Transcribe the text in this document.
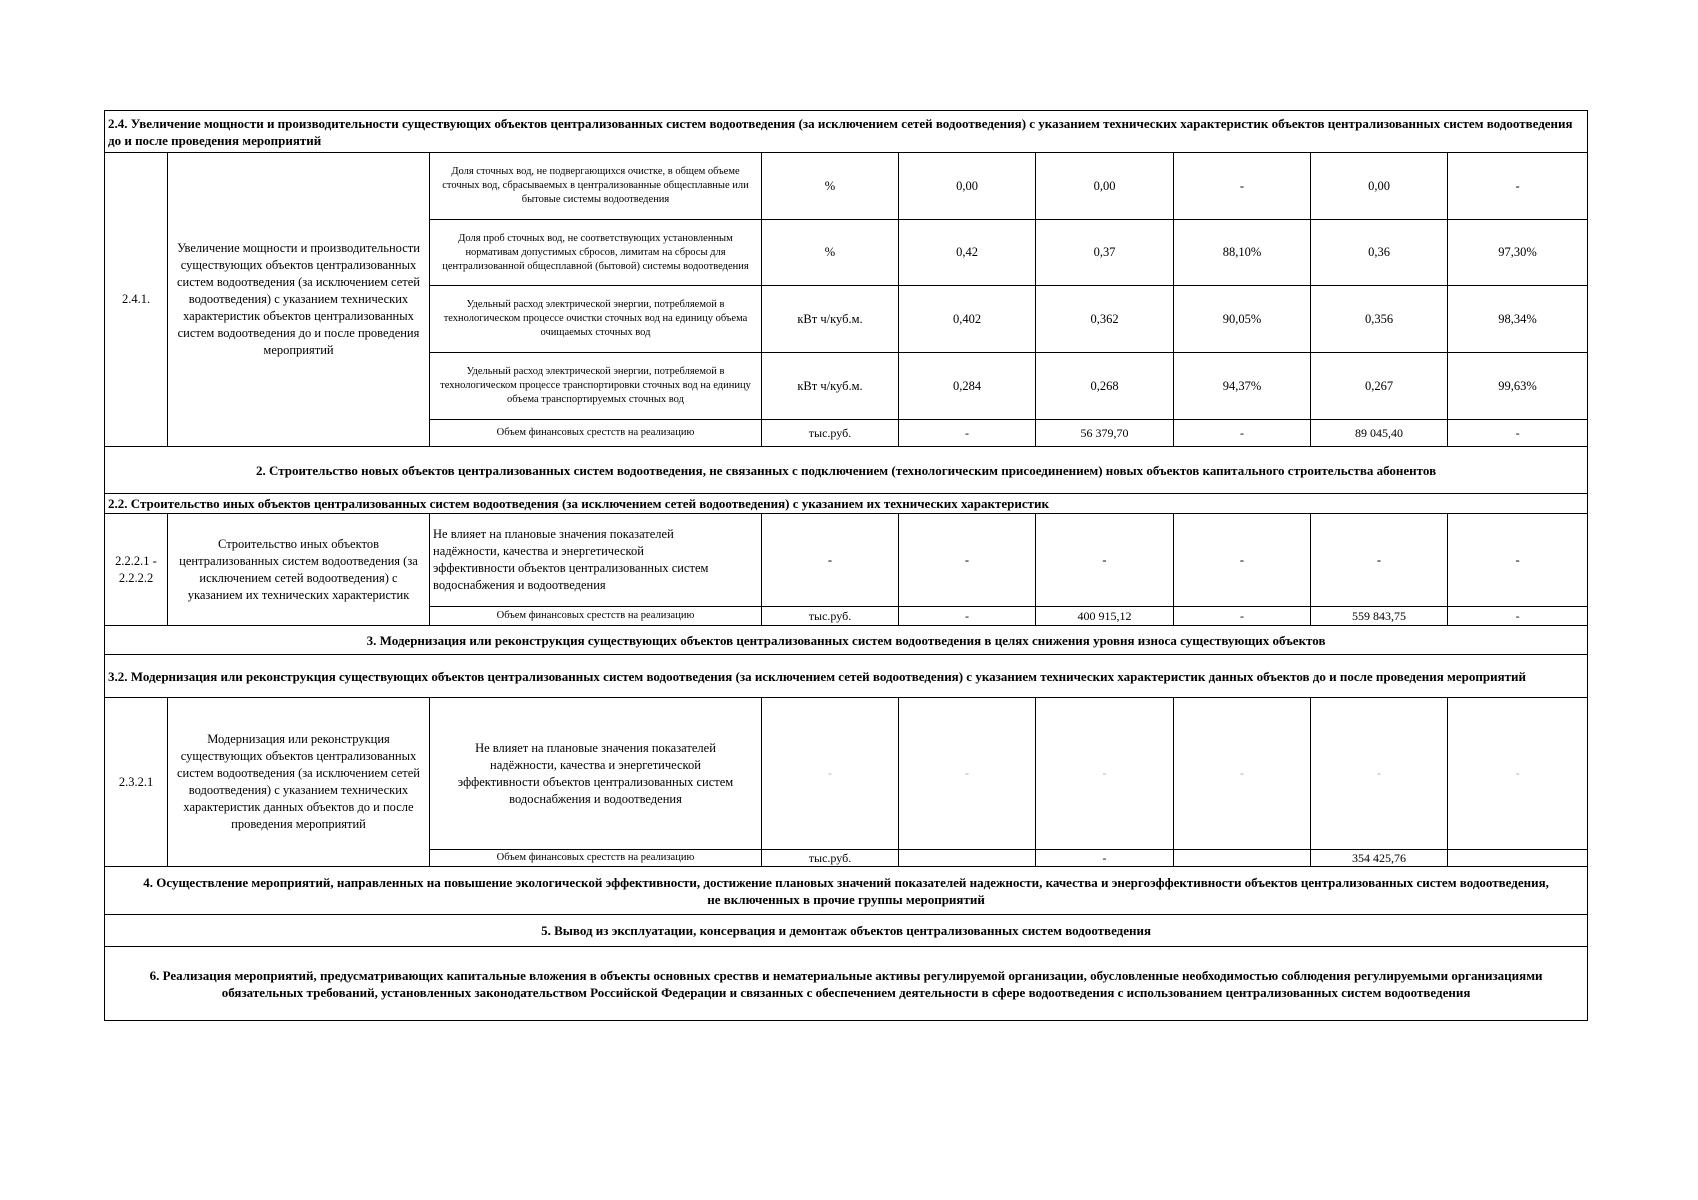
2.4. Увеличение мощности и производительности существующих объектов централизованных систем водоотведения (за исключением сетей водоотведения) с указанием технических характеристик объектов централизованных систем водоотведения до и после проведения мероприятий								
2.4.1.	Увеличение мощности и производительности существующих объектов централизованных систем водоотведения (за исключением сетей водоотведения) с указанием технических характеристик объектов централизованных систем водоотведения до и после проведения мероприятий	Доля сточных вод, не подвергающихся очистке, в общем объеме сточных вод, сбрасываемых в централизованные общесплавные или бытовые системы водоотведения	%	0,00	0,00	-	0,00	-
		Доля проб сточных вод, не соответствующих установленным нормативам допустимых сбросов, лимитам на сбросы для централизованной общесплавной (бытовой) системы водоотведения	%	0,42	0,37	88,10%	0,36	97,30%
		Удельный расход электрической энергии, потребляемой в технологическом процессе очистки сточных вод на единицу объема очищаемых сточных вод	кВт ч/куб.м.	0,402	0,362	90,05%	0,356	98,34%
		Удельный расход электрической энергии, потребляемой в технологическом процессе транспортировки сточных вод на единицу объема транспортируемых сточных вод	кВт ч/куб.м.	0,284	0,268	94,37%	0,267	99,63%
		Объем финансовых срестств на реализацию	тыс.руб.	-	56 379,70	-	89 045,40	-
2. Строительство новых объектов централизованных систем водоотведения, не связанных с подключением (технологическим присоединением) новых объектов капитального строительства абонентов								
2.2. Строительство иных объектов централизованных систем водоотведения (за исключением сетей водоотведения) с указанием их технических характеристик								
2.2.2.1 - 2.2.2.2	Строительство иных объектов централизованных систем водоотведения (за исключением сетей водоотведения) с указанием их технических характеристик	Не влияет на плановые значения показателей надёжности, качества и энергетической эффективности объектов централизованных систем водоснабжения и водоотведения	-	-	-	-	-	-
		Объем финансовых срестств на реализацию	тыс.руб.	-	400 915,12	-	559 843,75	-
3. Модернизация или реконструкция существующих объектов централизованных систем водоотведения в целях снижения уровня износа существующих объектов								
3.2. Модернизация или реконструкция существующих объектов централизованных систем водоотведения (за исключением сетей водоотведения) с указанием технических характеристик данных объектов до и после проведения мероприятий								
2.3.2.1	Модернизация или реконструкция существующих объектов централизованных систем водоотведения (за исключением сетей водоотведения) с указанием технических характеристик данных объектов до и после проведения мероприятий	Не влияет на плановые значения показателей надёжности, качества и энергетической эффективности объектов централизованных систем водоснабжения и водоотведения	-	-	-	-	-	-
		Объем финансовых срестств на реализацию	тыс.руб.		-		354 425,76	
4. Осуществление мероприятий, направленных на повышение экологической эффективности, достижение плановых значений показателей надежности, качества и энергоэффективности объектов централизованных систем водоотведения, не включенных в прочие группы мероприятий								
5. Вывод из эксплуатации, консервация и демонтаж объектов централизованных систем водоотведения								
6. Реализация мероприятий, предусматривающих капитальные вложения в объекты основных срествв и нематериальные активы регулируемой организации, обусловленные необходимостью соблюдения регулируемыми организациями обязательных требований, установленных законодательством Российской Федерации и связанных с обеспечением деятельности в сфере водоотведения с использованием централизованных систем водоотведения								
